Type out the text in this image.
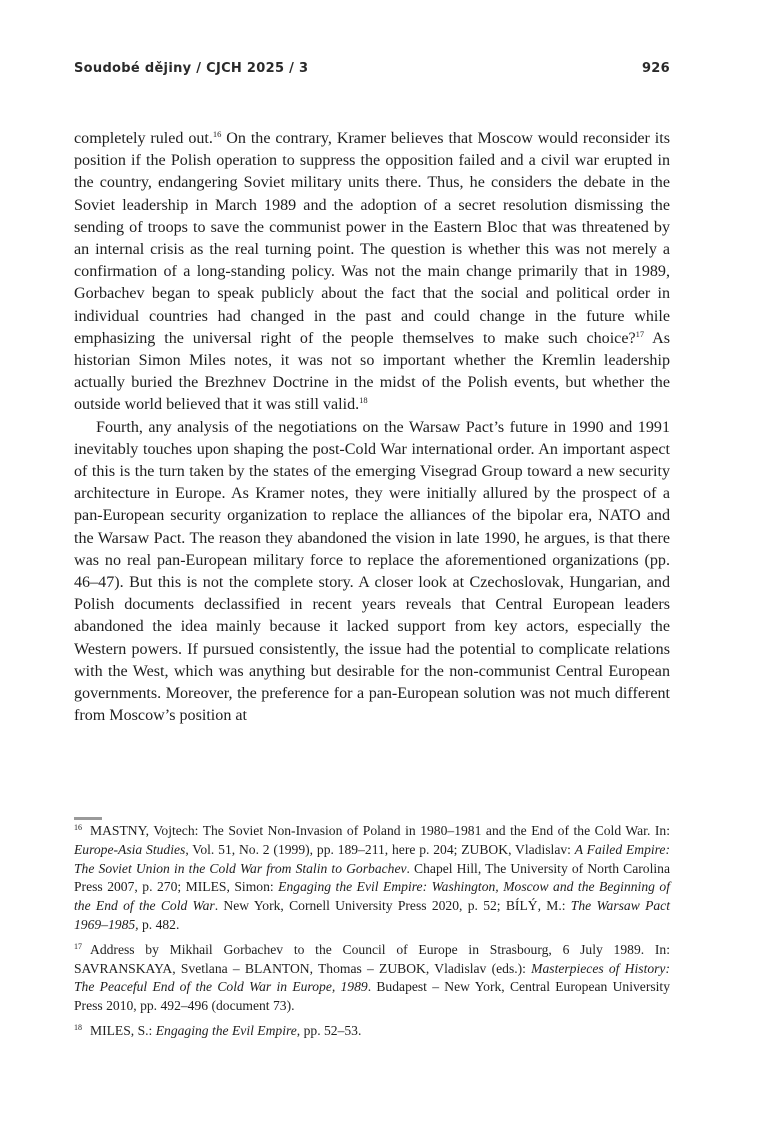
Soudobé dějiny / CJCH 2025 / 3	926

completely ruled out.$^{16}$ On the contrary, Kramer believes that Moscow would reconsider its position if the Polish operation to suppress the opposition failed and a civil war erupted in the country, endangering Soviet military units there. Thus, he considers the debate in the Soviet leadership in March 1989 and the adoption of a secret resolution dismissing the sending of troops to save the communist power in the Eastern Bloc that was threatened by an internal crisis as the real turning point. The question is whether this was not merely a confirmation of a long-standing policy. Was not the main change primarily that in 1989, Gorbachev began to speak publicly about the fact that the social and political order in individual countries had changed in the past and could change in the future while emphasizing the universal right of the people themselves to make such choice?$^{17}$ As historian Simon Miles notes, it was not so important whether the Kremlin leadership actually buried the Brezhnev Doctrine in the midst of the Polish events, but whether the outside world believed that it was still valid.$^{18}$

Fourth, any analysis of the negotiations on the Warsaw Pact’s future in 1990 and 1991 inevitably touches upon shaping the post-Cold War international order. An important aspect of this is the turn taken by the states of the emerging Visegrad Group toward a new security architecture in Europe. As Kramer notes, they were initially allured by the prospect of a pan-European security organization to replace the alliances of the bipolar era, NATO and the Warsaw Pact. The reason they abandoned the vision in late 1990, he argues, is that there was no real pan-European military force to replace the aforementioned organizations (pp. 46–47). But this is not the complete story. A closer look at Czechoslovak, Hungarian, and Polish documents declassified in recent years reveals that Central European leaders abandoned the idea mainly because it lacked support from key actors, especially the Western powers. If pursued consistently, the issue had the potential to complicate relations with the West, which was anything but desirable for the non-communist Central European governments. Moreover, the preference for a pan-European solution was not much different from Moscow’s position at

$^{16}$ MASTNY, Vojtech: The Soviet Non-Invasion of Poland in 1980–1981 and the End of the Cold War. In: Europe-Asia Studies, Vol. 51, No. 2 (1999), pp. 189–211, here p. 204; ZUBOK, Vladislav: A Failed Empire: The Soviet Union in the Cold War from Stalin to Gorbachev. Chapel Hill, The University of North Carolina Press 2007, p. 270; MILES, Simon: Engaging the Evil Empire: Washington, Moscow and the Beginning of the End of the Cold War. New York, Cornell University Press 2020, p. 52; BÍLÝ, M.: The Warsaw Pact 1969–1985, p. 482.

$^{17}$ Address by Mikhail Gorbachev to the Council of Europe in Strasbourg, 6 July 1989. In: SAVRANSKAYA, Svetlana – BLANTON, Thomas – ZUBOK, Vladislav (eds.): Masterpieces of History: The Peaceful End of the Cold War in Europe, 1989. Budapest – New York, Central European University Press 2010, pp. 492–496 (document 73).

$^{18}$ MILES, S.: Engaging the Evil Empire, pp. 52–53.
